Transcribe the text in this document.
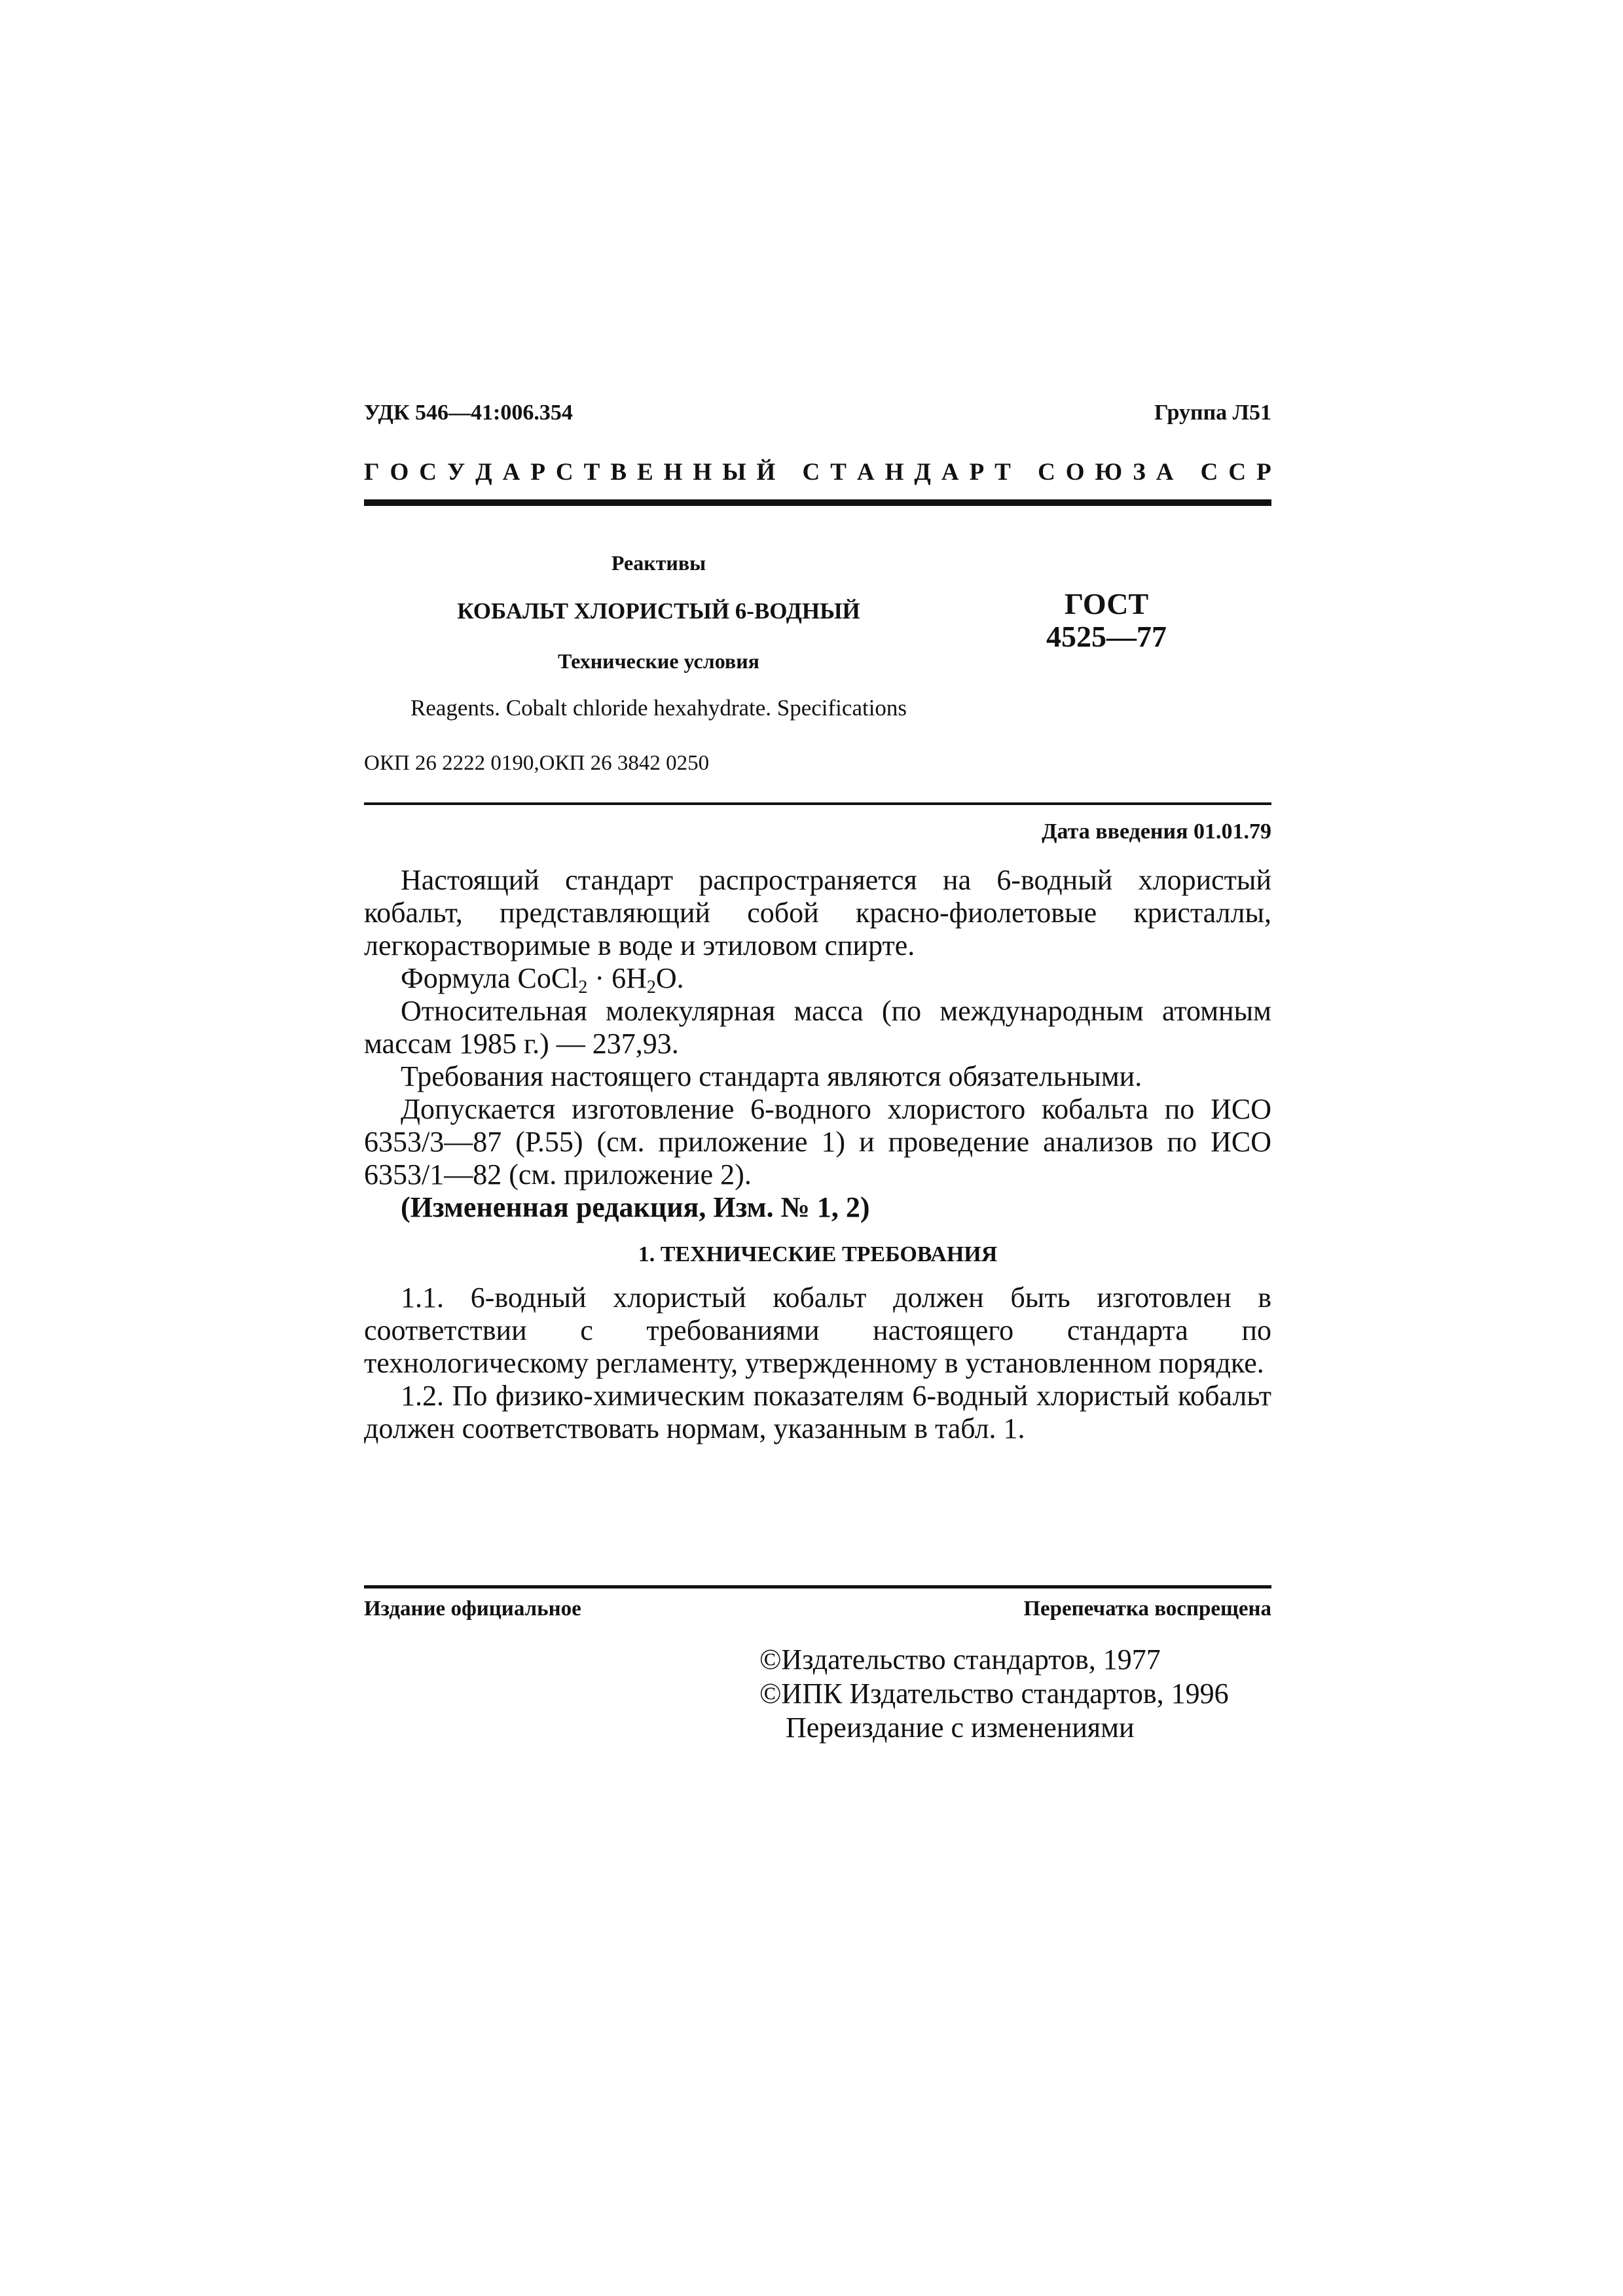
УДК 546—41:006.354	Группа Л51
Г О С У Д А Р С Т В Е Н Н Ы Й
С Т А Н Д А Р Т
С О Ю З А
С С Р
Реактивы
КОБАЛЬТ ХЛОРИСТЫЙ 6-ВОДНЫЙ
Технические условия
Reagents. Cobalt chloride hexahydrate. Specifications
ГОСТ
4525—77
ОКП 26 2222 0190,ОКП 26 3842 0250
Дата введения 01.01.79

Настоящий стандарт распространяется на 6-водный хлористый кобальт, представляющий собой красно-фиолетовые кристаллы, легкорастворимые в воде и этиловом спирте.

Формула CoCl$_2$ · $6H_2O$.

Относительная молекулярная масса (по международным атомным массам 1985 г.) — 237,93.

Требования настоящего стандарта являются обязательными.

Допускается изготовление 6-водного хлористого кобальта по ИСО 6353/3—87 (Р.55) (см. приложение 1) и проведение анализов по ИСО 6353/1—82 (см. приложение 2).

(Измененная редакция, Изм. № 1, 2)

1. ТЕХНИЧЕСКИЕ ТРЕБОВАНИЯ

1.1. 6-водный хлористый кобальт должен быть изготовлен в соответствии с требованиями настоящего стандарта по технологическому регламенту, утвержденному в установленном порядке.

1.2. По физико-химическим показателям 6-водный хлористый кобальт должен соответствовать нормам, указанным в табл. 1.

Издание официальное	Перепечатка воспрещена
©Издательство стандартов, 1977
©ИПК Издательство стандартов, 1996
Переиздание с изменениями
